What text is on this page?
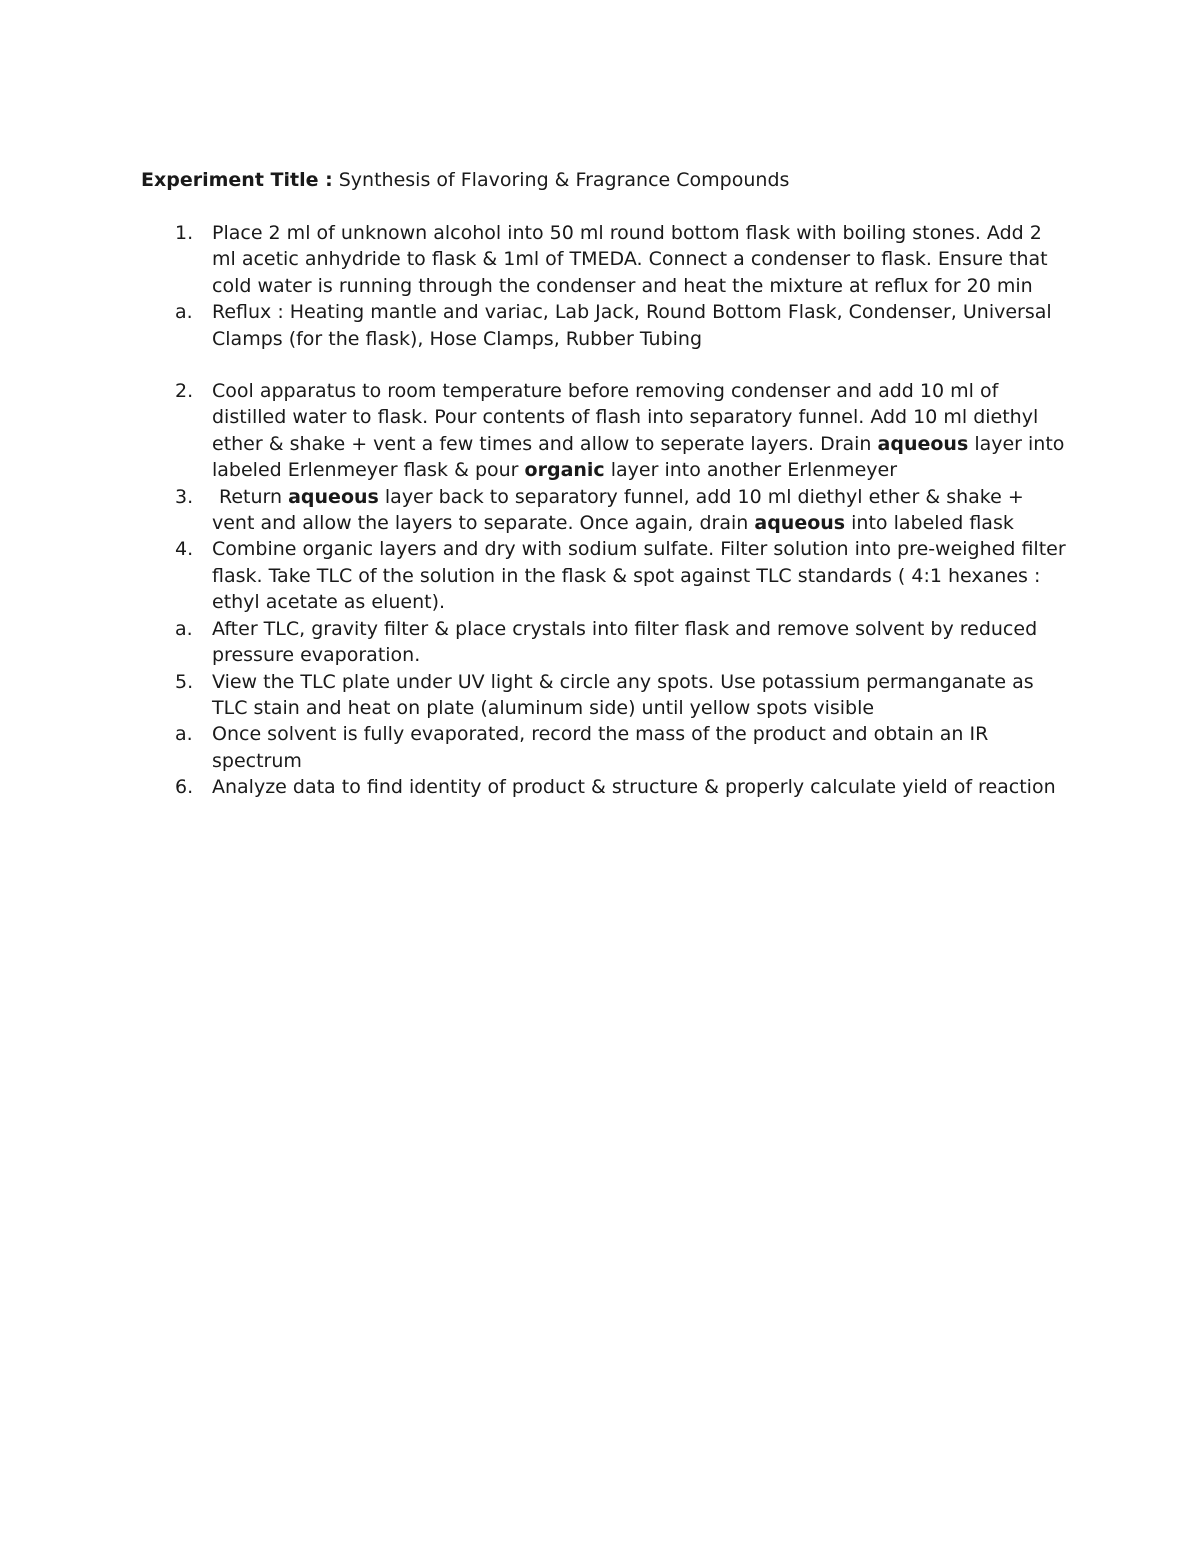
Experiment Title : Synthesis of Flavoring & Fragrance Compounds
1. Place 2 ml of unknown alcohol into 50 ml round bottom flask with boiling stones. Add 2 ml acetic anhydride to flask & 1ml of TMEDA. Connect a condenser to flask. Ensure that cold water is running through the condenser and heat the mixture at reflux for 20 min
a. Reflux : Heating mantle and variac, Lab Jack, Round Bottom Flask, Condenser, Universal Clamps (for the flask), Hose Clamps, Rubber Tubing
2. Cool apparatus to room temperature before removing condenser and add 10 ml of distilled water to flask. Pour contents of flash into separatory funnel. Add 10 ml diethyl ether & shake + vent a few times and allow to seperate layers. Drain aqueous layer into labeled Erlenmeyer flask & pour organic layer into another Erlenmeyer
3. Return aqueous layer back to separatory funnel, add 10 ml diethyl ether & shake + vent and allow the layers to separate. Once again, drain aqueous into labeled flask
4. Combine organic layers and dry with sodium sulfate. Filter solution into pre-weighed filter flask. Take TLC of the solution in the flask & spot against TLC standards ( 4:1 hexanes : ethyl acetate as eluent).
a. After TLC, gravity filter & place crystals into filter flask and remove solvent by reduced pressure evaporation.
5. View the TLC plate under UV light & circle any spots. Use potassium permanganate as TLC stain and heat on plate (aluminum side) until yellow spots visible
a. Once solvent is fully evaporated, record the mass of the product and obtain an IR spectrum
6. Analyze data to find identity of product & structure & properly calculate yield of reaction
